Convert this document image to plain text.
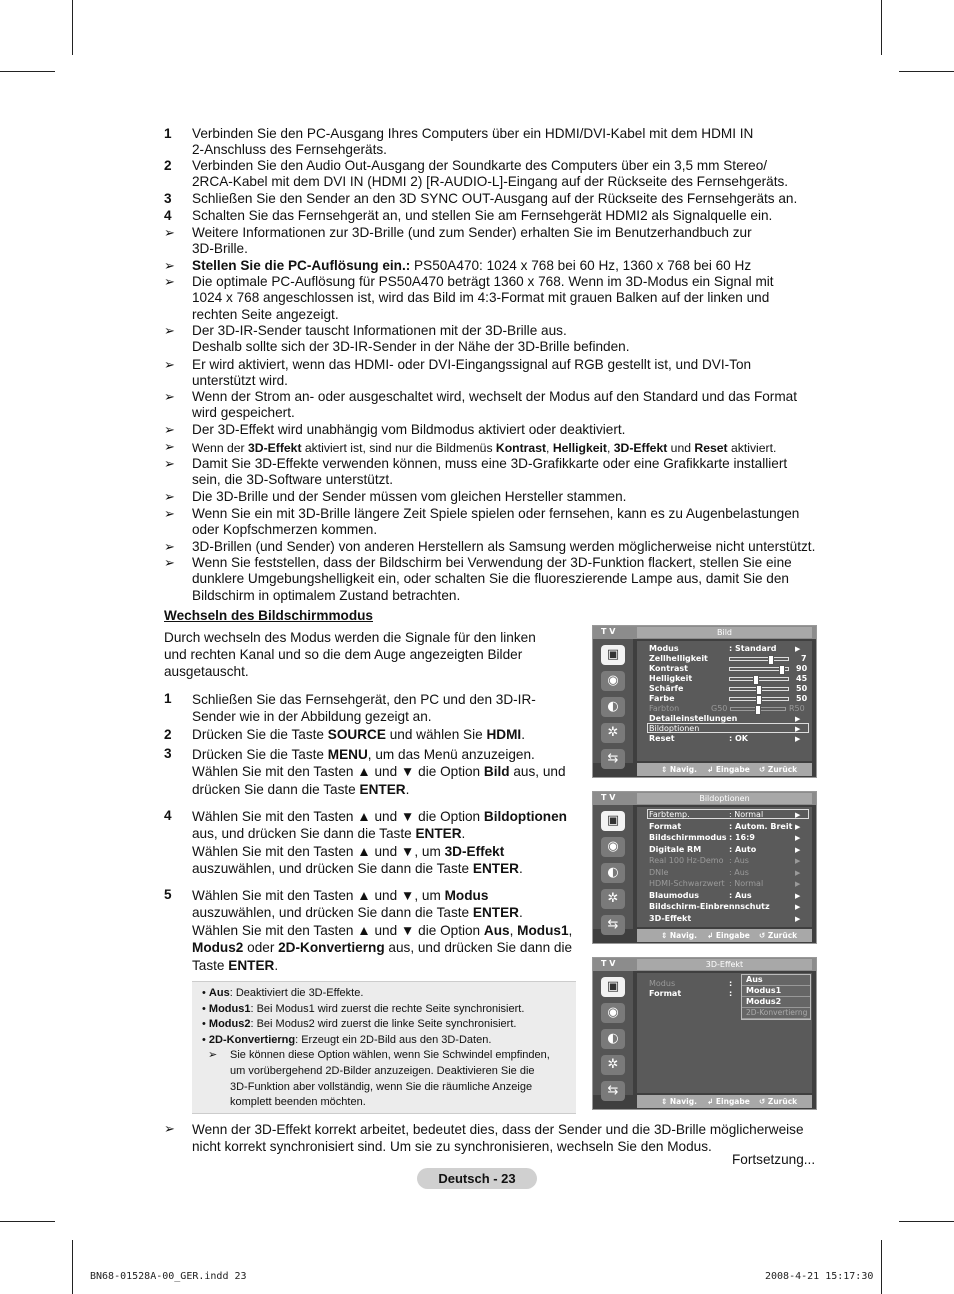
1 Verbinden Sie den PC-Ausgang Ihres Computers über ein HDMI/DVI-Kabel mit dem HDMI IN
2-Anschluss des Fernsehgeräts.
2 Verbinden Sie den Audio Out-Ausgang der Soundkarte des Computers über ein 3,5 mm Stereo/
2RCA-Kabel mit dem DVI IN (HDMI 2) [R-AUDIO-L]-Eingang auf der Rückseite des Fernsehgeräts.
3 Schließen Sie den Sender an den 3D SYNC OUT-Ausgang auf der Rückseite des Fernsehgeräts an.
4 Schalten Sie das Fernsehgerät an, und stellen Sie am Fernsehgerät HDMI2 als Signalquelle ein.
➢ Weitere Informationen zur 3D-Brille (und zum Sender) erhalten Sie im Benutzerhandbuch zur
3D-Brille.
➢ Stellen Sie die PC-Auflösung ein.: PS50A470: 1024 x 768 bei 60 Hz, 1360 x 768 bei 60 Hz
➢ Die optimale PC-Auflösung für PS50A470 beträgt 1360 x 768. Wenn im 3D-Modus ein Signal mit
1024 x 768 angeschlossen ist, wird das Bild im 4:3-Format mit grauen Balken auf der linken und
rechten Seite angezeigt.
➢ Der 3D-IR-Sender tauscht Informationen mit der 3D-Brille aus.
Deshalb sollte sich der 3D-IR-Sender in der Nähe der 3D-Brille befinden.
➢ Er wird aktiviert, wenn das HDMI- oder DVI-Eingangssignal auf RGB gestellt ist, und DVI-Ton
unterstützt wird.
➢ Wenn der Strom an- oder ausgeschaltet wird, wechselt der Modus auf den Standard und das Format
wird gespeichert.
➢ Der 3D-Effekt wird unabhängig vom Bildmodus aktiviert oder deaktiviert.
➢ Wenn der 3D-Effekt aktiviert ist, sind nur die Bildmenüs Kontrast, Helligkeit, 3D-Effekt und Reset aktiviert.
➢ Damit Sie 3D-Effekte verwenden können, muss eine 3D-Grafikkarte oder eine Grafikkarte installiert
sein, die 3D-Software unterstützt.
➢ Die 3D-Brille und der Sender müssen vom gleichen Hersteller stammen.
➢ Wenn Sie ein mit 3D-Brille längere Zeit Spiele spielen oder fernsehen, kann es zu Augenbelastungen
oder Kopfschmerzen kommen.
➢ 3D-Brillen (und Sender) von anderen Herstellern als Samsung werden möglicherweise nicht unterstützt.
➢ Wenn Sie feststellen, dass der Bildschirm bei Verwendung der 3D-Funktion flackert, stellen Sie eine
dunklere Umgebungshelligkeit ein, oder schalten Sie die fluoreszierende Lampe aus, damit Sie den
Bildschirm in optimalem Zustand betrachten.
Wechseln des Bildschirmmodus
Durch wechseln des Modus werden die Signale für den linken
und rechten Kanal und so die dem Auge angezeigten Bilder
ausgetauscht.
1 Schließen Sie das Fernsehgerät, den PC und den 3D-IR-
Sender wie in der Abbildung gezeigt an.
2 Drücken Sie die Taste SOURCE und wählen Sie HDMI.
3 Drücken Sie die Taste MENU, um das Menü anzuzeigen.
Wählen Sie mit den Tasten ▲ und ▼ die Option Bild aus, und
drücken Sie dann die Taste ENTER.
4 Wählen Sie mit den Tasten ▲ und ▼ die Option Bildoptionen
aus, und drücken Sie dann die Taste ENTER.
Wählen Sie mit den Tasten ▲ und ▼, um 3D-Effekt
auszuwählen, und drücken Sie dann die Taste ENTER.
5 Wählen Sie mit den Tasten ▲ und ▼, um Modus
auszuwählen, und drücken Sie dann die Taste ENTER.
Wählen Sie mit den Tasten ▲ und ▼ die Option Aus, Modus1,
Modus2 oder 2D-Konvertierng aus, und drücken Sie dann die
Taste ENTER.

• Aus: Deaktiviert die 3D-Effekte.

• Modus1: Bei Modus1 wird zuerst die rechte Seite synchronisiert.

• Modus2: Bei Modus2 wird zuerst die linke Seite synchronisiert.

• 2D-Konvertierng: Erzeugt ein 2D-Bild aus den 3D-Daten.

➢ Sie können diese Option wählen, wenn Sie Schwindel empfinden,
um vorübergehend 2D-Bilder anzuzeigen. Deaktivieren Sie die
3D-Funktion aber vollständig, wenn Sie die räumliche Anzeige
komplett beenden möchten.
➢ Wenn der 3D-Effekt korrekt arbeitet, bedeutet dies, dass der Sender und die 3D-Brille möglicherweise
nicht korrekt synchronisiert sind. Um sie zu synchronisieren, wechseln Sie den Modus.
Fortsetzung...
Deutsch - 23
BN68-01528A-00_GER.indd 23	2008-4-21 15:17:30
T V	Bild
▣
◉
◐
✲
⇆
Modus	: Standard	▶
Zellhelligkeit	7
Kontrast	90
Helligkeit	45
Schärfe	50
Farbe	50
Farbton	G50	R50
Detaileinstellungen	▶
Bildoptionen	▶
Reset	: OK	▶
⇕ Navig. ↲ Eingabe ↺ Zurück
T V	Bildoptionen
▣
◉
◐
✲
⇆
Farbtemp.	: Normal	▶
Format	: Autom. Breit ▶
Bildschirmmodus : 16:9	▶
Digitale RM	: Auto	▶
Real 100 Hz-Demo : Aus	▶
DNIe	: Aus	▶
HDMI-Schwarzwert : Normal	▶
Blaumodus	: Aus	▶
Bildschirm-Einbrennschutz	▶
3D-Effekt	▶
⇕ Navig. ↲ Eingabe ↺ Zurück
T V	3D-Effekt
▣
◉
◐
✲
⇆
Modus	:
Format	:
Aus
Modus1
Modus2
2D-Konvertierng
⇕ Navig. ↲ Eingabe ↺ Zurück
